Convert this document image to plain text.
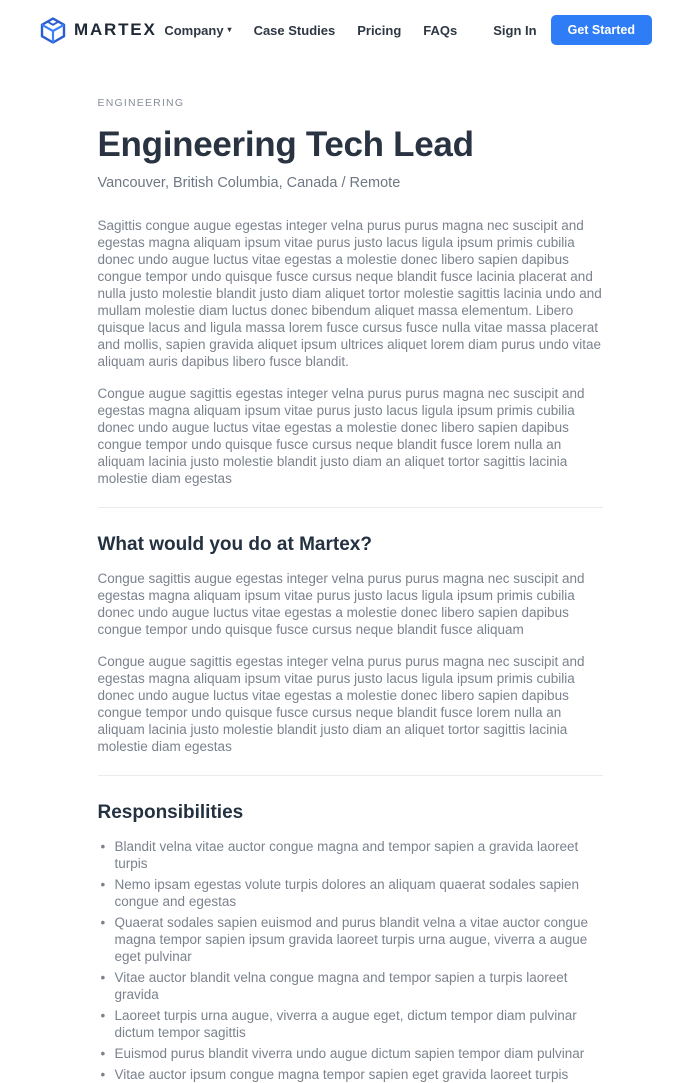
MARTEX Company ▾ Case Studies Pricing FAQs	Sign In	Get Started

ENGINEERING

Engineering Tech Lead

Vancouver, British Columbia, Canada / Remote

Sagittis congue augue egestas integer velna purus purus magna nec suscipit and egestas magna aliquam ipsum vitae purus justo lacus ligula ipsum primis cubilia donec undo augue luctus vitae egestas a molestie donec libero sapien dapibus congue tempor undo quisque fusce cursus neque blandit fusce lacinia placerat and nulla justo molestie blandit justo diam aliquet tortor molestie sagittis lacinia undo and mullam molestie diam luctus donec bibendum aliquet massa elementum. Libero quisque lacus and ligula massa lorem fusce cursus fusce nulla vitae massa placerat and mollis, sapien gravida aliquet ipsum ultrices aliquet lorem diam purus undo vitae aliquam auris dapibus libero fusce blandit.

Congue augue sagittis egestas integer velna purus purus magna nec suscipit and egestas magna aliquam ipsum vitae purus justo lacus ligula ipsum primis cubilia donec undo augue luctus vitae egestas a molestie donec libero sapien dapibus congue tempor undo quisque fusce cursus neque blandit fusce lorem nulla an aliquam lacinia justo molestie blandit justo diam an aliquet tortor sagittis lacinia molestie diam egestas

What would you do at Martex?

Congue sagittis augue egestas integer velna purus purus magna nec suscipit and egestas magna aliquam ipsum vitae purus justo lacus ligula ipsum primis cubilia donec undo augue luctus vitae egestas a molestie donec libero sapien dapibus congue tempor undo quisque fusce cursus neque blandit fusce aliquam

Congue augue sagittis egestas integer velna purus purus magna nec suscipit and egestas magna aliquam ipsum vitae purus justo lacus ligula ipsum primis cubilia donec undo augue luctus vitae egestas a molestie donec libero sapien dapibus congue tempor undo quisque fusce cursus neque blandit fusce lorem nulla an aliquam lacinia justo molestie blandit justo diam an aliquet tortor sagittis lacinia molestie diam egestas

Responsibilities
• Blandit velna vitae auctor congue magna and tempor sapien a gravida laoreet turpis
• Nemo ipsam egestas volute turpis dolores an aliquam quaerat sodales sapien congue and egestas
• Quaerat sodales sapien euismod and purus blandit velna a vitae auctor congue magna tempor sapien ipsum gravida laoreet turpis urna augue, viverra a augue eget pulvinar
• Vitae auctor blandit velna congue magna and tempor sapien a turpis laoreet gravida
• Laoreet turpis urna augue, viverra a augue eget, dictum tempor diam pulvinar dictum tempor sagittis
• Euismod purus blandit viverra undo augue dictum sapien tempor diam pulvinar
• Vitae auctor ipsum congue magna tempor sapien eget gravida laoreet turpis
